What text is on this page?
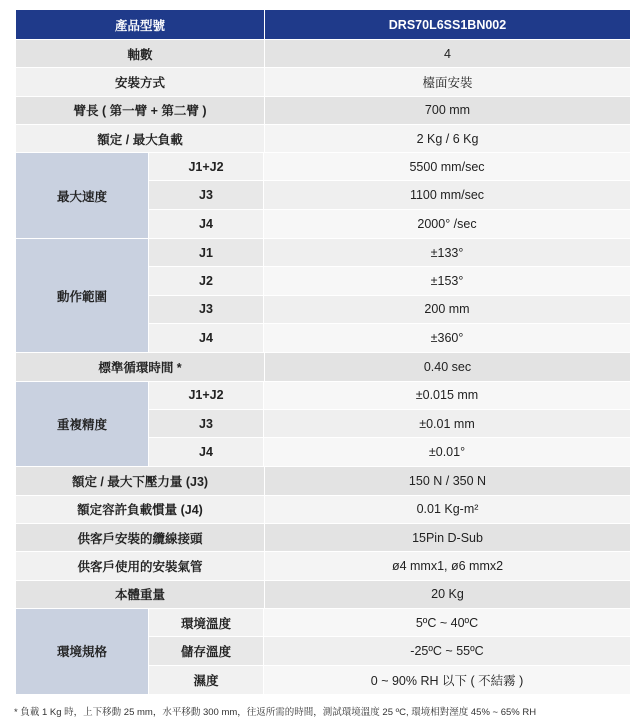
產品型號	DRS70L6SS1BN002
軸數	4
安裝方式	檯面安裝
臂長 ( 第一臂 + 第二臂 )	700 mm
額定 / 最大負載	2 Kg / 6 Kg
最大速度
J1+J2	5500 mm/sec
J3	1100 mm/sec
J4	2000° /sec
動作範圍
J1	±133°
J2	±153°
J3	200 mm
J4	±360°
標準循環時間 *	0.40 sec
重複精度
J1+J2	±0.015 mm
J3	±0.01 mm
J4	±0.01°
額定 / 最大下壓力量 (J3)	150 N / 350 N
額定容許負載慣量 (J4)	0.01 Kg-m²
供客戶安裝的纜線接頭	15Pin D-Sub
供客戶使用的安裝氣管	ø4 mmx1, ø6 mmx2
本體重量	20 Kg
環境規格
環境溫度	5ºC ~ 40ºC
儲存溫度	-25ºC ~ 55ºC
濕度	0 ~ 90% RH 以下 ( 不結霧 )
* 負載 1 Kg 時，上下移動 25 mm，水平移動 300 mm，往返所需的時間，測試環境溫度 25 ºC, 環境相對溼度 45% ~ 65% RH
